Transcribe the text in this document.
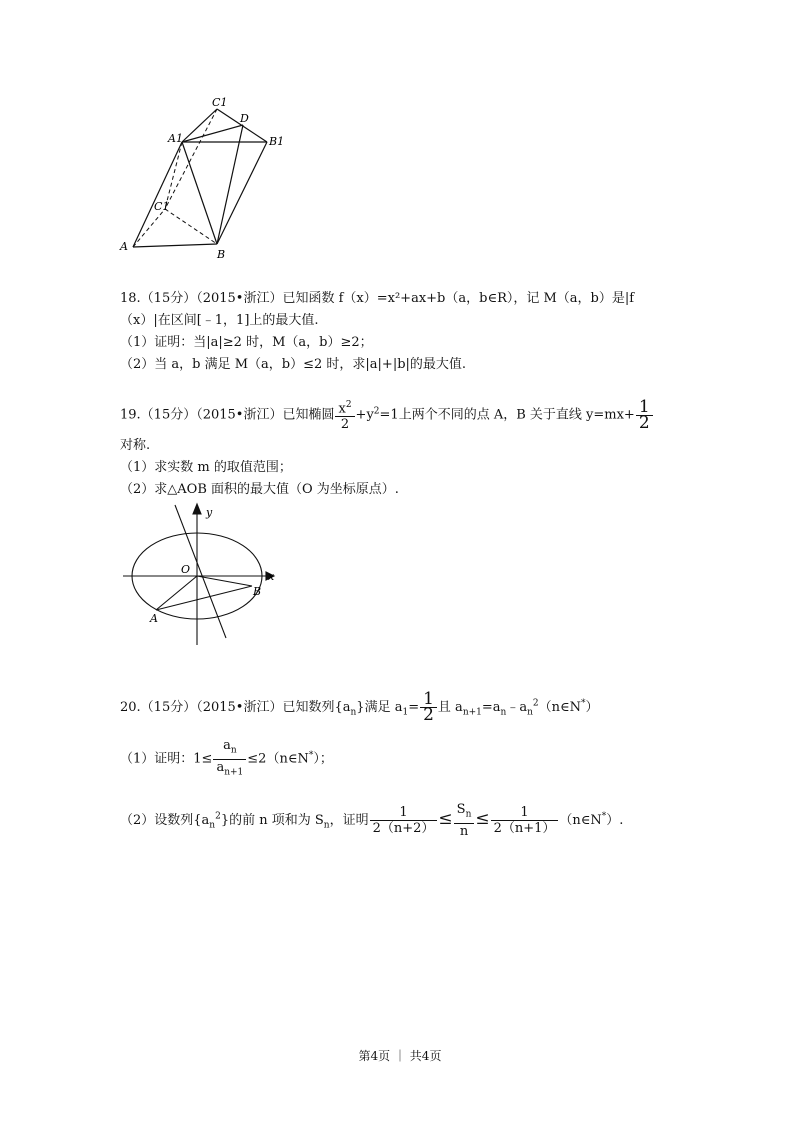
C1
D
A1	B1
C1
A
B
18.（15分）（2015•浙江）已知函数 f（x）=x²+ax+b（a，b∈R），记 M（a，b）是|f
（x）|在区间[﹣1，1]上的最大值.
（1）证明：当|a|≥2 时，M（a，b）≥2；
（2）当 a，b 满足 M（a，b）≤2 时，求|a|+|b|的最大值.
19.（15分）（2015•浙江）已知椭圆 $\frac{x^2}{2} +y^2=1$上两个不同的点 A，B 关于直线 $y=mx+ \frac{1}{2}$
对称.
（1）求实数 m 的取值范围；
（2）求△AOB 面积的最大值（O 为坐标原点）.
y
x
O
B
A
20.（15分）（2015•浙江）已知数列$\{a_n\}$满足 $a_1= \frac{1}{2}$ 且 $a_{n+1}=a_n﹣a_n^2(n\in N^*)$
（1）证明：$1\le \frac{a_n}{a_{n+1}}$ ≤2（n∈N*）；
（2）设数列$\{a_n^2\}$的前 n 项和为 $S_n$，证明 $\frac{1}{2(n+2)} \le \frac{S_n}{n} \le \frac{1}{2(n+1)}$ （n∈N*）.
第4页 ｜ 共4页
